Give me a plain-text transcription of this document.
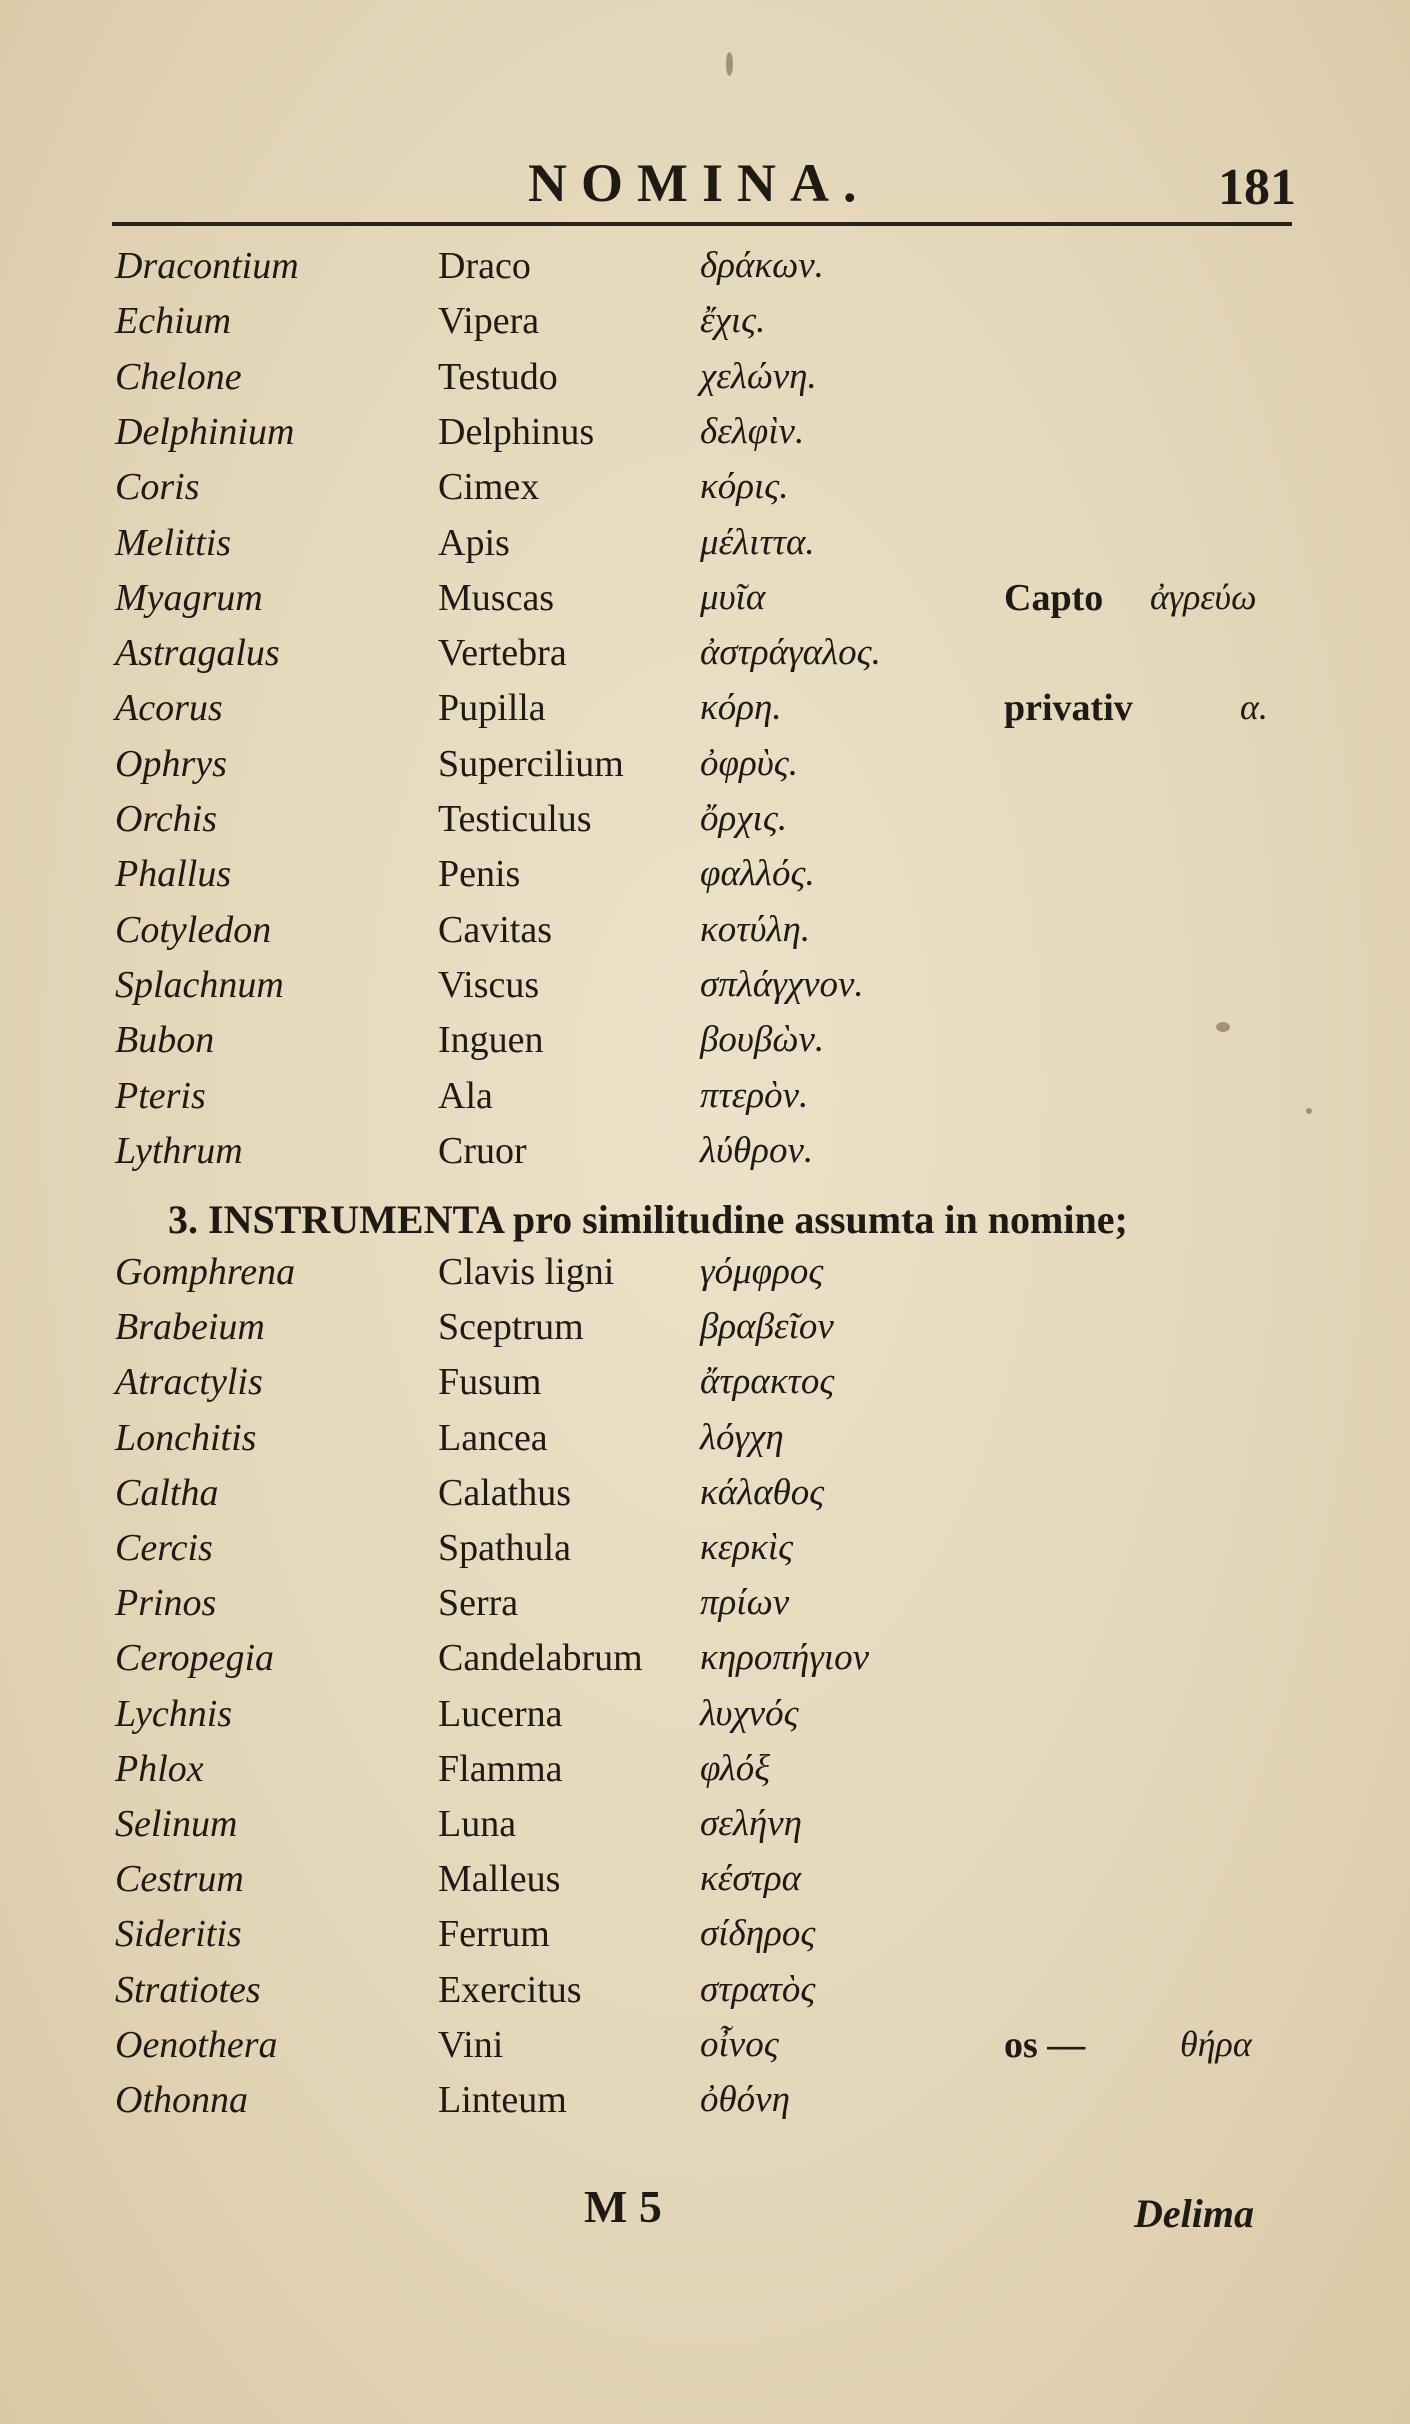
NOMINA.	181
Dracontium	Draco	δράκων.
Echium	Vipera	ἔχις.
Chelone	Testudo	χελώνη.
Delphinium	Delphinus	δελφὶν.
Coris	Cimex	κόρις.
Melittis	Apis	μέλιττα.
Myagrum	Muscas	μυῖα	Capto ἀγρεύω
Astragalus	Vertebra	ἀστράγαλος.
Acorus	Pupilla	κόρη.	privativ	α.
Ophrys	Supercilium ὀφρὺς.
Orchis	Testiculus	ὄρχις.
Phallus	Penis	φαλλός.
Cotyledon	Cavitas	κοτύλη.
Splachnum	Viscus	σπλάγχνον.
Bubon	Inguen	βουβὼν.
Pteris	Ala	πτερὸν.
Lythrum	Cruor	λύθρον.
3. INSTRUMENTA pro similitudine assumta in nomine;
Gomphrena	Clavis ligni γόμφρος
Brabeium	Sceptrum	βραβεῖον
Atractylis	Fusum	ἄτρακτος
Lonchitis	Lancea	λόγχη
Caltha	Calathus	κάλαθος
Cercis	Spathula	κερκὶς
Prinos	Serra	πρίων
Ceropegia	Candelabrum κηροπήγιον
Lychnis	Lucerna	λυχνός
Phlox	Flamma	φλόξ
Selinum	Luna	σελήνη
Cestrum	Malleus	κέστρα
Sideritis	Ferrum	σίδηρος
Stratiotes	Exercitus	στρατὸς
Oenothera	Vini	οἶνος	os —	θήρα
Othonna	Linteum	ὀθόνη
M 5	Delima
